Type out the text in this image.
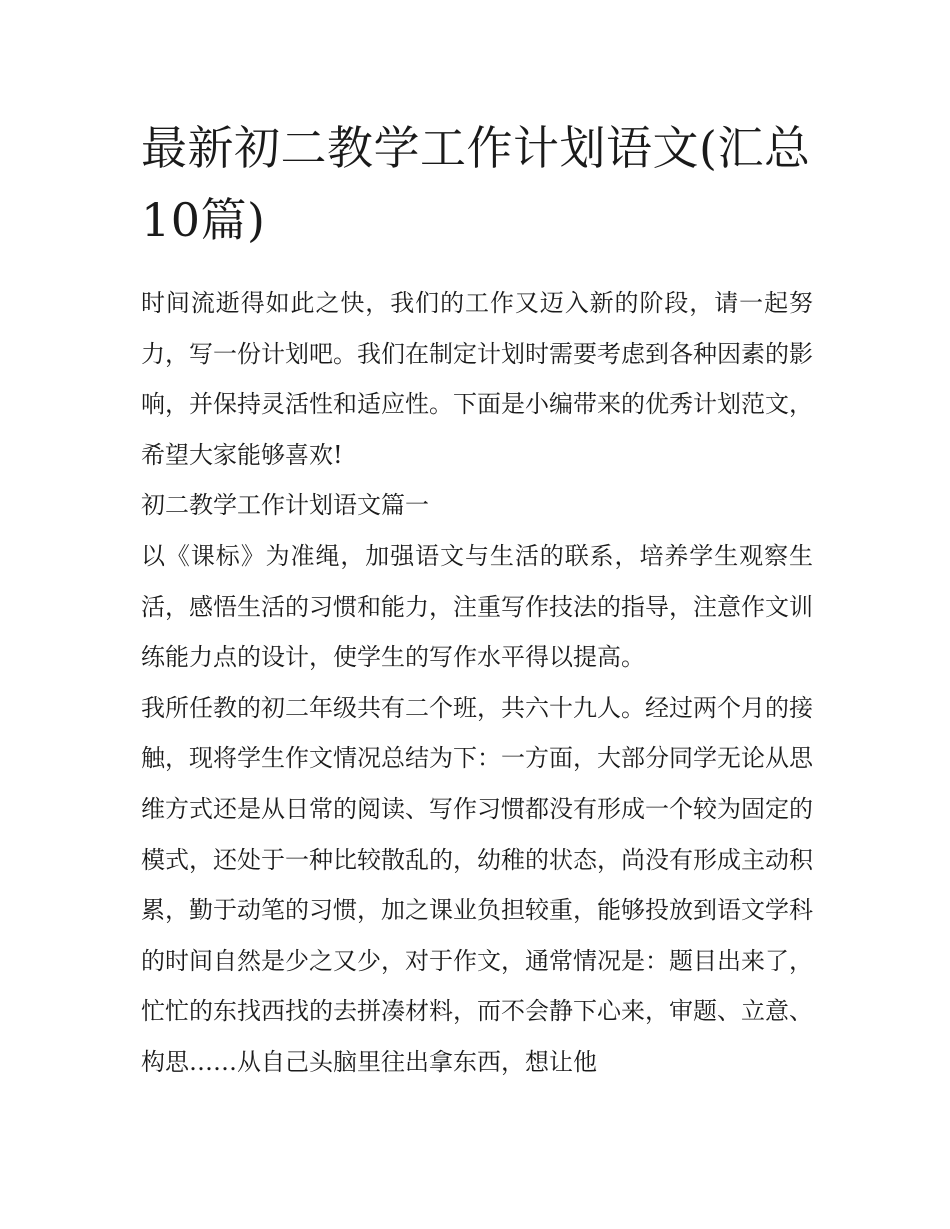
最新初二教学工作计划语文(汇总10篇)

时间流逝得如此之快，我们的工作又迈入新的阶段，请一起努力，写一份计划吧。我们在制定计划时需要考虑到各种因素的影响，并保持灵活性和适应性。下面是小编带来的优秀计划范文，希望大家能够喜欢!

初二教学工作计划语文篇一

以《课标》为准绳，加强语文与生活的联系，培养学生观察生活，感悟生活的习惯和能力，注重写作技法的指导，注意作文训练能力点的设计，使学生的写作水平得以提高。

我所任教的初二年级共有二个班，共六十九人。经过两个月的接触，现将学生作文情况总结为下：一方面，大部分同学无论从思维方式还是从日常的阅读、写作习惯都没有形成一个较为固定的模式，还处于一种比较散乱的，幼稚的状态，尚没有形成主动积累，勤于动笔的习惯，加之课业负担较重，能够投放到语文学科的时间自然是少之又少，对于作文，通常情况是：题目出来了，忙忙的东找西找的去拼凑材料，而不会静下心来，审题、立意、构思……从自己头脑里往出拿东西，想让他
